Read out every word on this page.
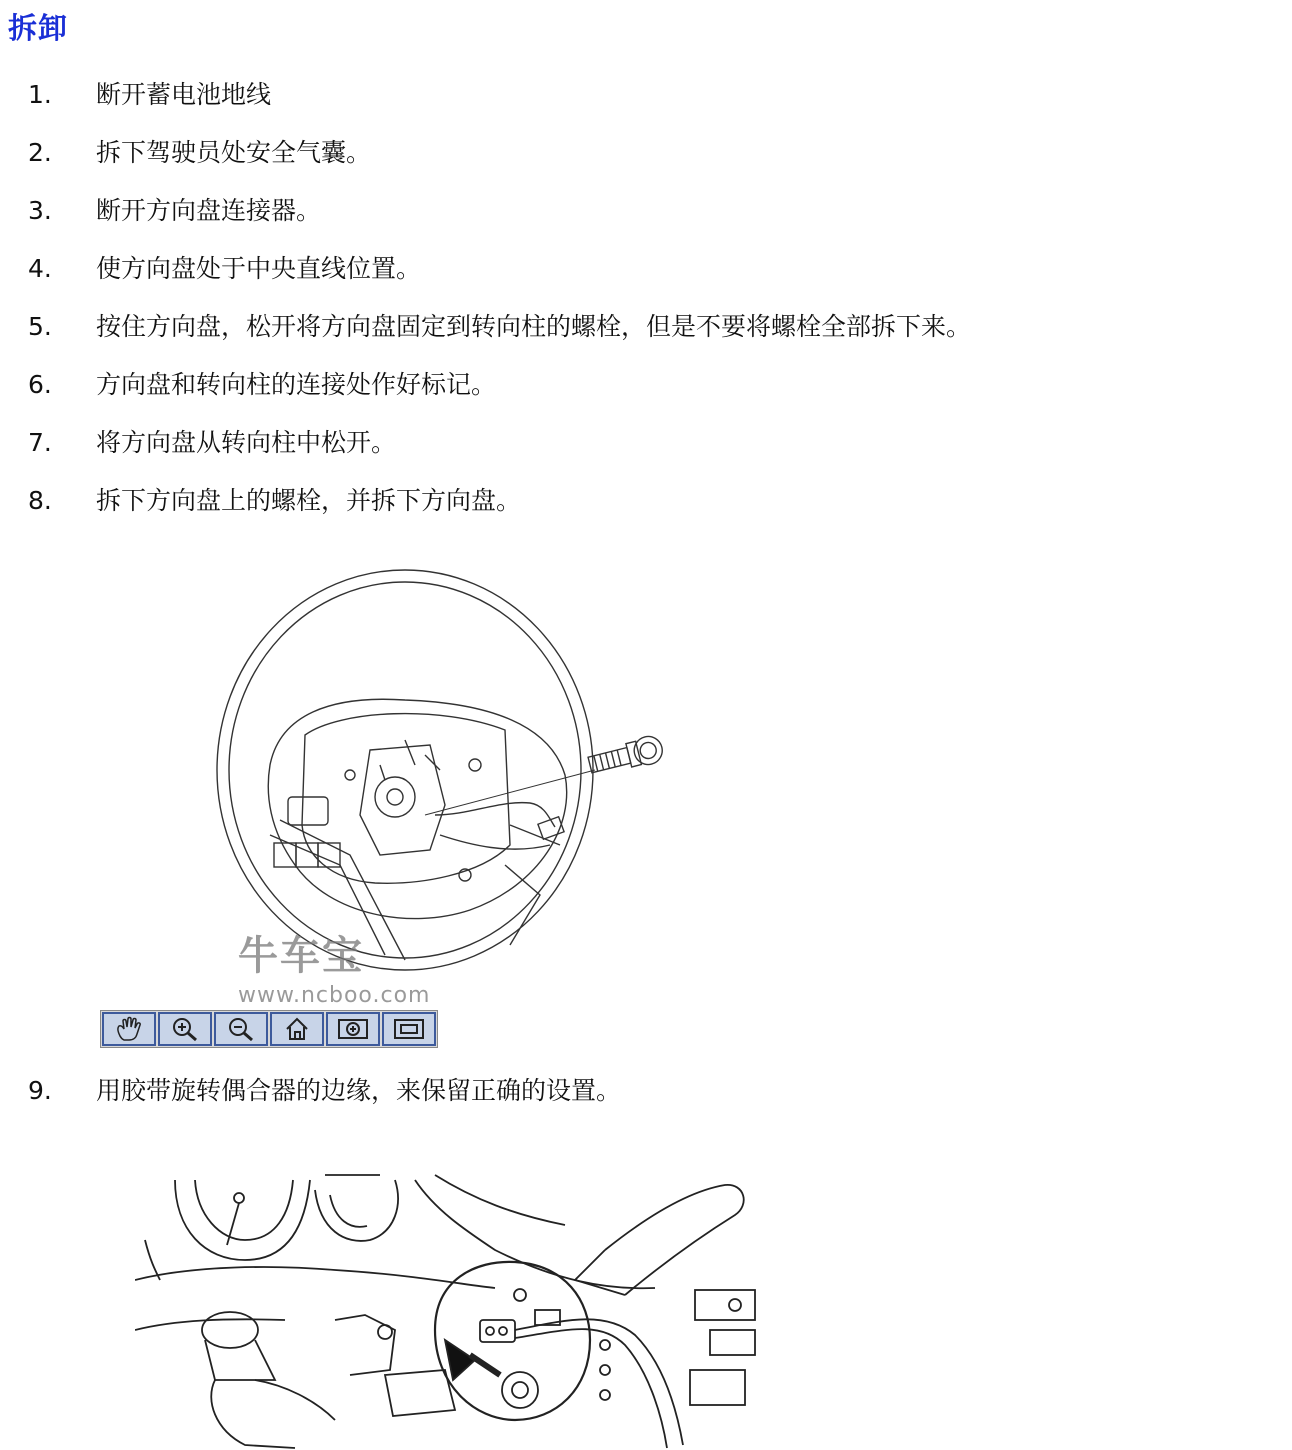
拆卸
1.	断开蓄电池地线
2.	拆下驾驶员处安全气囊。
3.	断开方向盘连接器。
4.	使方向盘处于中央直线位置。
5.	按住方向盘，松开将方向盘固定到转向柱的螺栓，但是不要将螺栓全部拆下来。
6.	方向盘和转向柱的连接处作好标记。
7.	将方向盘从转向柱中松开。
8.	拆下方向盘上的螺栓，并拆下方向盘。
牛车宝
www.ncboo.com
9.	用胶带旋转偶合器的边缘，来保留正确的设置。
